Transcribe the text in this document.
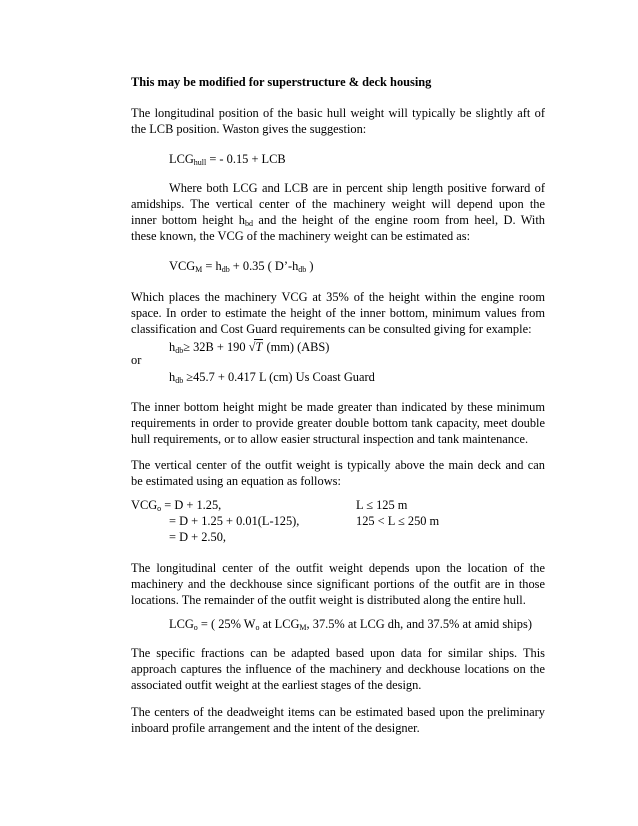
This may be modified for superstructure & deck housing
The longitudinal position of the basic hull weight will typically be slightly aft of
the LCB position. Waston gives the suggestion:
$LCG_{hull}$ = - 0.15 + LCB
Where both LCG and LCB are in percent ship length positive forward of
amidships. The vertical center of the machinery weight will depend upon the
inner bottom height $h_{bd}$ and the height of the engine room from heel, D. With
these known, the VCG of the machinery weight can be estimated as:
$VCG_M = h_{db} + 0.35$ ( $D’-h_{db}$ )
Which places the machinery VCG at 35% of the height within the engine room
space. In order to estimate the height of the inner bottom, minimum values from
classification and Cost Guard requirements can be consulted giving for example:
$h_{db}\ge 32B + 190$ √T (mm) (ABS)
or
$h_{db} \ge 45.7 + 0.417$ L (cm) Us Coast Guard
The inner bottom height might be made greater than indicated by these minimum
requirements in order to provide greater double bottom tank capacity, meet double
hull requirements, or to allow easier structural inspection and tank maintenance.
The vertical center of the outfit weight is typically above the main deck and can
be estimated using an equation as follows:
$VCG_o = D + 1.25$,	L ≤ 125 m
= D + 1.25 + 0.01(L-125),	125 < L ≤ 250 m
= D + 2.50,
The longitudinal center of the outfit weight depends upon the location of the
machinery and the deckhouse since significant portions of the outfit are in those
locations. The remainder of the outfit weight is distributed along the entire hull.
$LCG_o$ = ( 25% $W_o$ at $LCG_M$, 37.5% at LCG dh, and 37.5% at amid ships)
The specific fractions can be adapted based upon data for similar ships. This
approach captures the influence of the machinery and deckhouse locations on the
associated outfit weight at the earliest stages of the design.
The centers of the deadweight items can be estimated based upon the preliminary
inboard profile arrangement and the intent of the designer.
